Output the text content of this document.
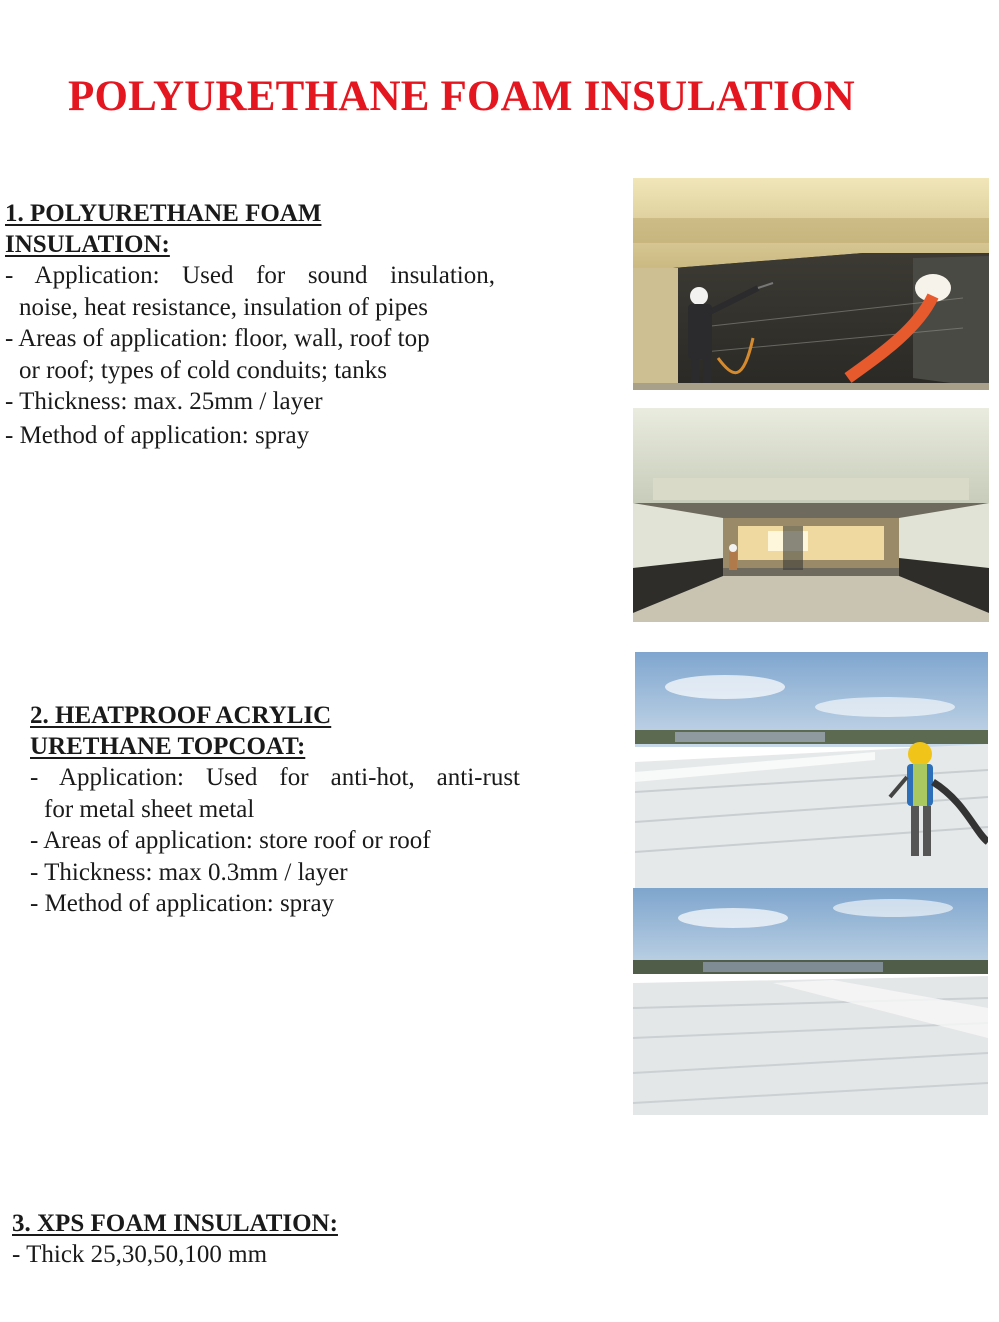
POLYURETHANE FOAM INSULATION

1. POLYURETHANE FOAM
INSULATION:

- Application: Used for sound insulation,
noise, heat resistance, insulation of pipes
- Areas of application: floor, wall, roof top
or roof; types of cold conduits; tanks
- Thickness: max. 25mm / layer
- Method of application: spray

2. HEATPROOF ACRYLIC
URETHANE TOPCOAT:

- Application: Used for anti-hot, anti-rust
for metal sheet metal
- Areas of application: store roof or roof
- Thickness: max 0.3mm / layer
- Method of application: spray

3. XPS FOAM INSULATION:

- Thick 25,30,50,100 mm
